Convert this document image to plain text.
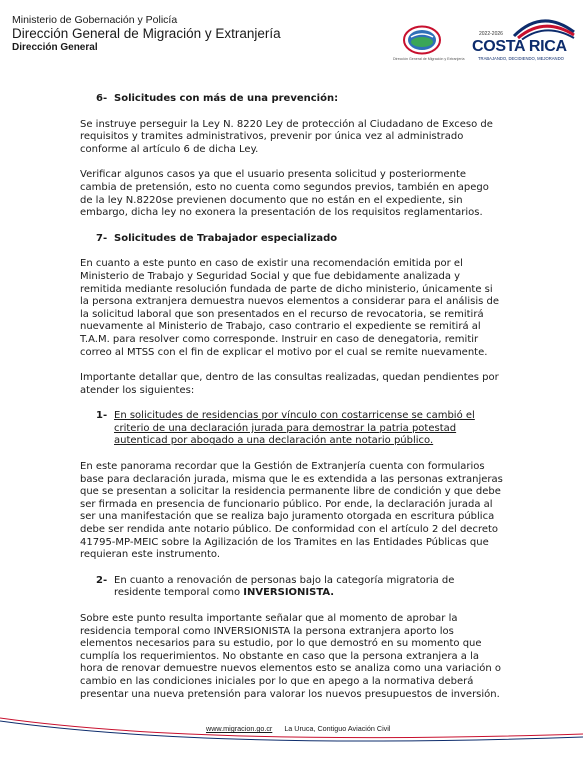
Ministerio de Gobernación y Policía
Dirección General de Migración y Extranjería
Dirección General
Dirección General de Migración y Extranjería
2022-2026
COSTA RICA
TRABAJANDO, DECIDIENDO, MEJORANDO
6- Solicitudes con más de una prevención:

Se instruye perseguir la Ley N. 8220 Ley de protección al Ciudadano de Exceso de requisitos y tramites administrativos, prevenir por única vez al administrado conforme al artículo 6 de dicha Ley.

Verificar algunos casos ya que el usuario presenta solicitud y posteriormente cambia de pretensión, esto no cuenta como segundos previos, también en apego de la ley N.8220se previenen documento que no están en el expediente, sin embargo, dicha ley no exonera la presentación de los requisitos reglamentarios.

7- Solicitudes de Trabajador especializado

En cuanto a este punto en caso de existir una recomendación emitida por el Ministerio de Trabajo y Seguridad Social y que fue debidamente analizada y remitida mediante resolución fundada de parte de dicho ministerio, únicamente si la persona extranjera demuestra nuevos elementos a considerar para el análisis de la solicitud laboral que son presentados en el recurso de revocatoria, se remitirá nuevamente al Ministerio de Trabajo, caso contrario el expediente se remitirá al T.A.M. para resolver como corresponde. Instruir en caso de denegatoria, remitir correo al MTSS con el fin de explicar el motivo por el cual se remite nuevamente.

Importante detallar que, dentro de las consultas realizadas, quedan pendientes por atender los siguientes:

1- En solicitudes de residencias por vínculo con costarricense se cambió el criterio de una declaración jurada para demostrar la patria potestad autenticad por abogado a una declaración ante notario público.

En este panorama recordar que la Gestión de Extranjería cuenta con formularios base para declaración jurada, misma que le es extendida a las personas extranjeras que se presentan a solicitar la residencia permanente libre de condición y que debe ser firmada en presencia de funcionario público. Por ende, la declaración jurada al ser una manifestación que se realiza bajo juramento otorgada en escritura pública debe ser rendida ante notario público. De conformidad con el artículo 2 del decreto 41795-MP-MEIC sobre la Agilización de los Tramites en las Entidades Públicas que requieran este instrumento.

2- En cuanto a renovación de personas bajo la categoría migratoria de residente temporal como INVERSIONISTA.

Sobre este punto resulta importante señalar que al momento de aprobar la residencia temporal como INVERSIONISTA la persona extranjera aporto los elementos necesarios para su estudio, por lo que demostró en su momento que cumplía los requerimientos. No obstante en caso que la persona extranjera a la hora de renovar demuestre nuevos elementos esto se analiza como una variación o cambio en las condiciones iniciales por lo que en apego a la normativa deberá presentar una nueva pretensión para valorar los nuevos presupuestos de inversión.

www.migracion.go.cr La Uruca, Contiguo Aviación Civil
